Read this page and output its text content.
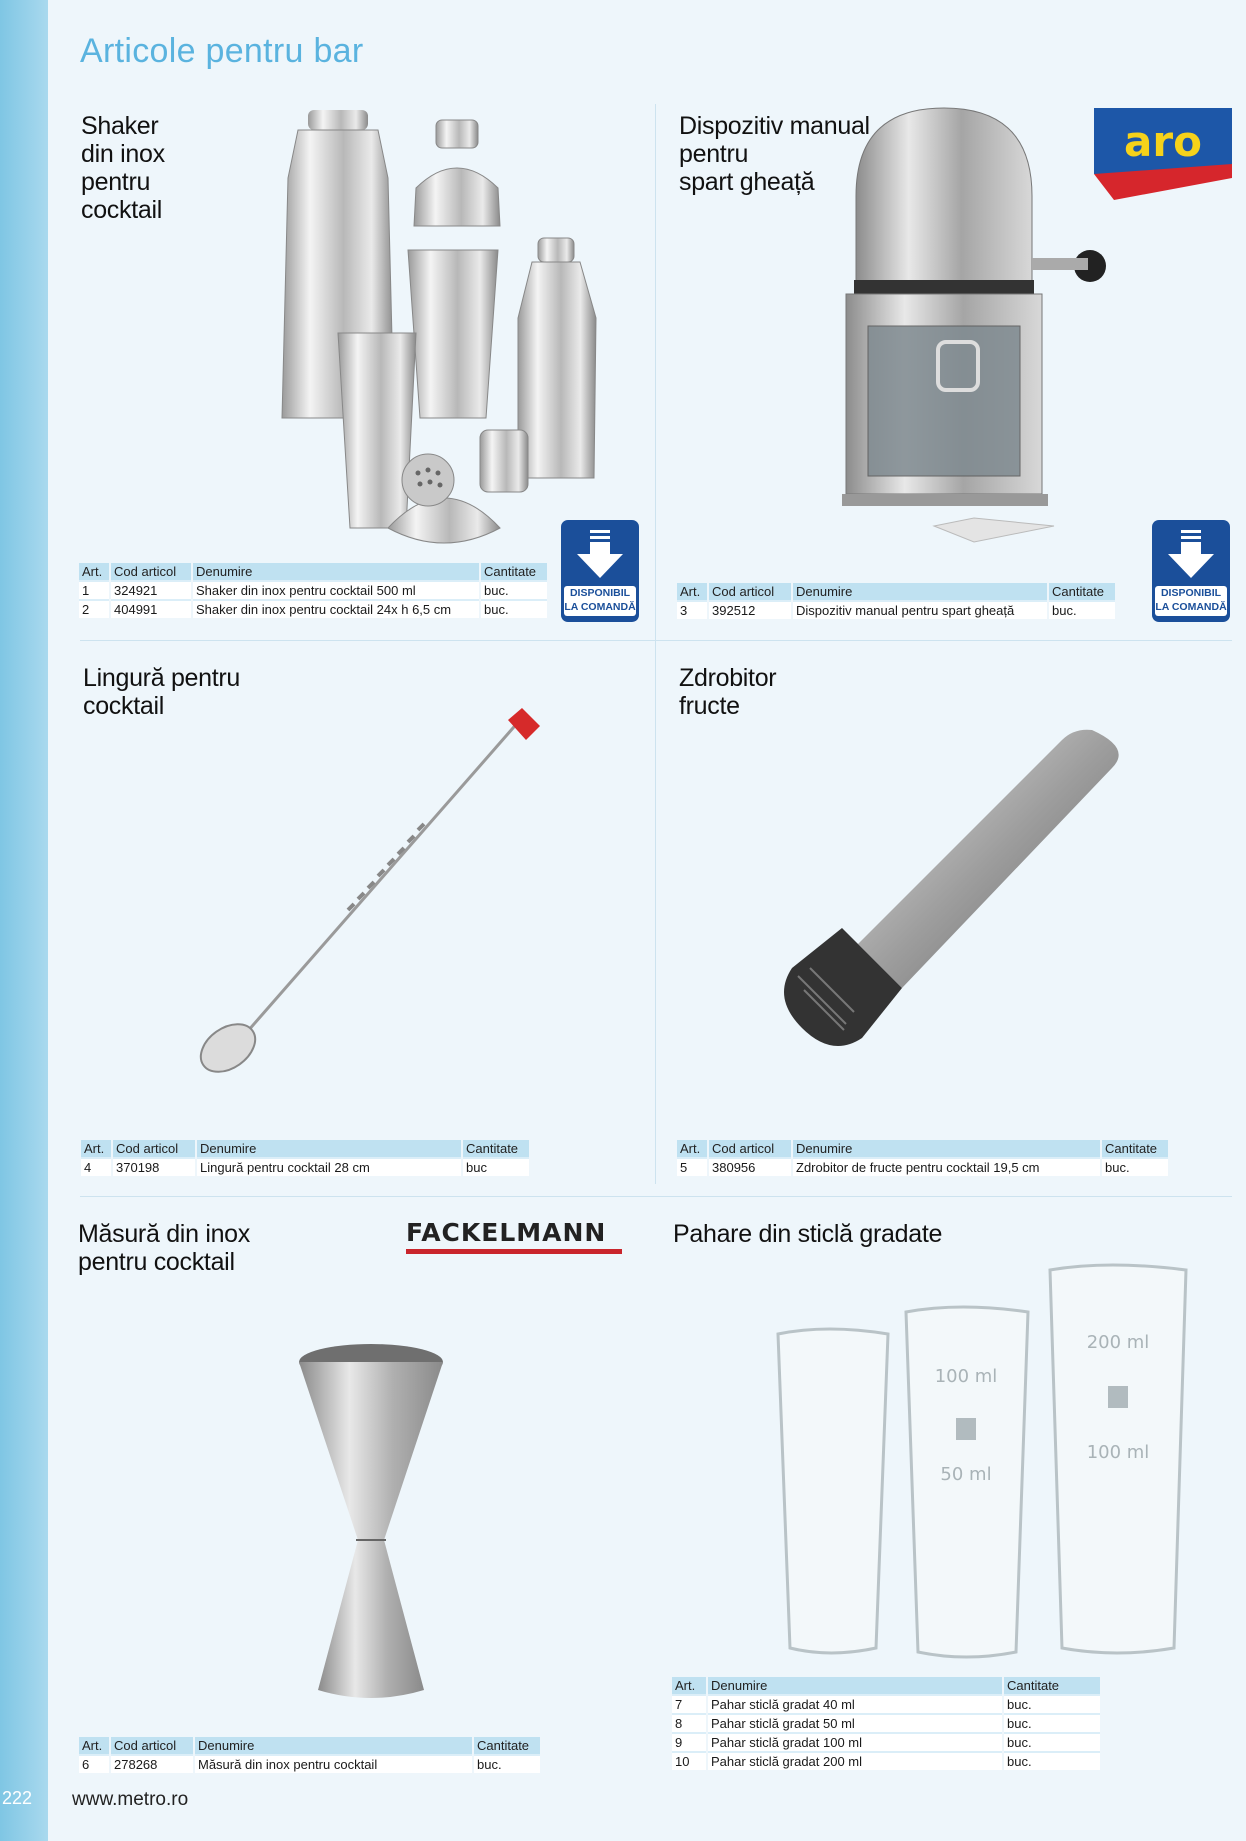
222
Articole pentru bar
Shaker
din inox
pentru
cocktail
Art.	Cod articol	Denumire	Cantitate
1	324921	Shaker din inox pentru cocktail 500 ml	buc.
2	404991	Shaker din inox pentru cocktail 24x h 6,5 cm	buc.
DISPONIBIL
LA COMANDĂ
Dispozitiv manual
pentru
spart gheață
aro
Art.	Cod articol	Denumire	Cantitate
3	392512	Dispozitiv manual pentru spart gheață	buc.
DISPONIBIL
LA COMANDĂ
Lingură pentru
cocktail
Art.	Cod articol	Denumire	Cantitate
4	370198	Lingură pentru cocktail 28 cm	buc
Zdrobitor
fructe
Art.	Cod articol	Denumire	Cantitate
5	380956	Zdrobitor de fructe pentru cocktail 19,5 cm	buc.
Măsură din inox
pentru cocktail
FACKELMANN
Art.	Cod articol	Denumire	Cantitate
6	278268	Măsură din inox pentru cocktail	buc.
Pahare din sticlă gradate
100 ml
50 ml
200 ml
100 ml
Art.	Denumire	Cantitate
7	Pahar sticlă gradat 40 ml	buc.
8	Pahar sticlă gradat 50 ml	buc.
9	Pahar sticlă gradat 100 ml	buc.
10	Pahar sticlă gradat 200 ml	buc.
www.metro.ro
